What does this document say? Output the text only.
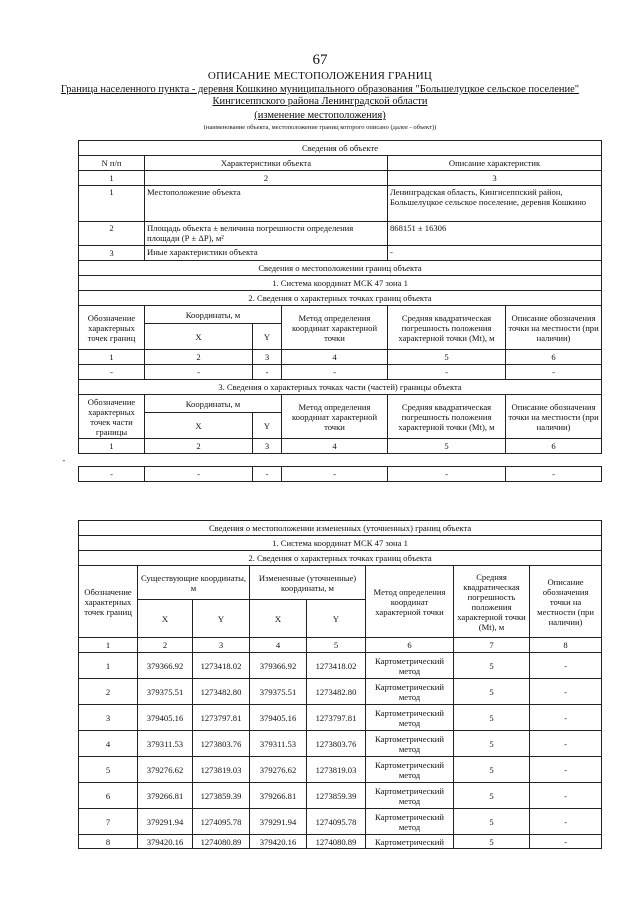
67
ОПИСАНИЕ МЕСТОПОЛОЖЕНИЯ ГРАНИЦ
Граница населенного пункта - деревня Кошкино муниципального образования "Большелуцкое сельское поселение"
Кингисеппского района Ленинградской области
(изменение местоположения)
(наименование объекта, местоположение границ которого описано (далее - объект))
Сведения об объекте					
N п/п	Характеристики объекта			Описание характеристик	
1	2			3	
1	Местоположение объекта			Ленинградская область, Кингисеппский район, Большелуцкое сельское поселение, деревня Кошкино	
2	Площадь объекта ± величина погрешности определения площади (Р ± ΔР), м²			868151 ± 16306	
3	Иные характеристики объекта			-	
Сведения о местоположении границ объекта					
1. Система координат МСК 47 зона 1					
2. Сведения о характерных точках границ объекта					
Обозначение характерных точек границ	Координаты, м		Метод определения координат характерной точки	Средняя квадратическая погрешность положения характерной точки (Mt), м	Описание обозначения точки на местности (при наличии)
	X	Y			
1	2	3	4	5	6
-	-	-	-	-	-
3. Сведения о характерных точках части (частей) границы объекта					
Обозначение характерных точек части границы	Координаты, м		Метод определения координат характерной точки	Средняя квадратическая погрешность положения характерной точки (Mt), м	Описание обозначения точки на местности (при наличии)
	X	Y			
1	2	3	4	5	6
-					
-	-	-	-	-	-
Сведения о местоположении измененных (уточненных) границ объекта							
1. Система координат МСК 47 зона 1							
2. Сведения о характерных точках границ объекта							
Обозначение характерных точек границ	Существующие координаты, м		Измененные (уточненные) координаты, м		Метод определения координат характерной точки	Средняя квадратическая погрешность положения характерной точки (Mt), м	Описание обозначения точки на местности (при наличии)
	X	Y	X	Y			
1	2	3	4	5	6	7	8
1	379366.92	1273418.02	379366.92	1273418.02	Картометрический метод	5	-
2	379375.51	1273482.80	379375.51	1273482.80	Картометрический метод	5	-
3	379405.16	1273797.81	379405.16	1273797.81	Картометрический метод	5	-
4	379311.53	1273803.76	379311.53	1273803.76	Картометрический метод	5	-
5	379276.62	1273819.03	379276.62	1273819.03	Картометрический метод	5	-
6	379266.81	1273859.39	379266.81	1273859.39	Картометрический метод	5	-
7	379291.94	1274095.78	379291.94	1274095.78	Картометрический метод	5	-
8	379420.16	1274080.89	379420.16	1274080.89	Картометрический	5	-
